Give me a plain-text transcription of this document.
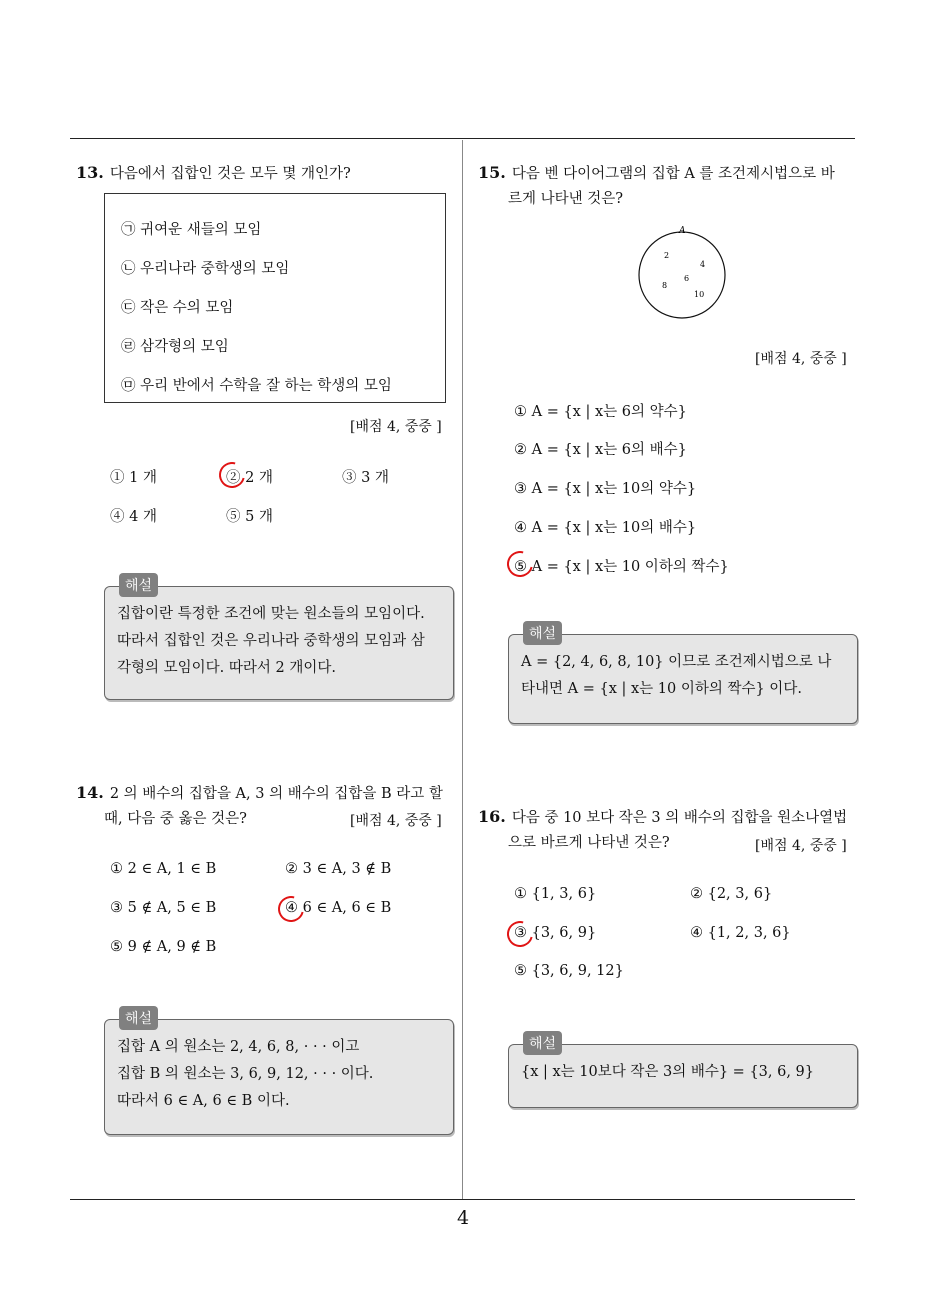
13. 다음에서 집합인 것은 모두 몇 개인가?
㉠ 귀여운 새들의 모임
㉡ 우리나라 중학생의 모임
㉢ 작은 수의 모임
㉣ 삼각형의 모임
㉤ 우리 반에서 수학을 잘 하는 학생의 모임
[배점 4, 중중 ]
① 1 개	② 2 개	③ 3 개
④ 4 개	⑤ 5 개
해설
집합이란 특정한 조건에 맞는 원소들의 모임이다.
따라서 집합인 것은 우리나라 중학생의 모임과 삼
각형의 모임이다. 따라서 2 개이다.
14. 2 의 배수의 집합을 A, 3 의 배수의 집합을 B 라고 할
때, 다음 중 옳은 것은?	[배점 4, 중중 ]
① 2 ∈ A, 1 ∈ B	② 3 ∈ A, 3 ∉ B
③ 5 ∉ A, 5 ∈ B	④ 6 ∈ A, 6 ∈ B
⑤ 9 ∉ A, 9 ∉ B
해설
집합 A 의 원소는 2, 4, 6, 8, · · · 이고
집합 B 의 원소는 3, 6, 9, 12, · · · 이다.
따라서 6 ∈ A, 6 ∈ B 이다.
15. 다음 벤 다이어그램의 집합 A 를 조건제시법으로 바
르게 나타낸 것은?
A
2
4
6
8
10
[배점 4, 중중 ]
① A = {x | x는 6의 약수}
② A = {x | x는 6의 배수}
③ A = {x | x는 10의 약수}
④ A = {x | x는 10의 배수}
⑤ A = {x | x는 10 이하의 짝수}
해설
A = {2, 4, 6, 8, 10} 이므로 조건제시법으로 나
타내면 A = {x | x는 10 이하의 짝수} 이다.
16. 다음 중 10 보다 작은 3 의 배수의 집합을 원소나열법
으로 바르게 나타낸 것은?	[배점 4, 중중 ]
① {1, 3, 6}	② {2, 3, 6}
③ {3, 6, 9}	④ {1, 2, 3, 6}
⑤ {3, 6, 9, 12}
해설
{x | x는 10보다 작은 3의 배수} = {3, 6, 9}
4
